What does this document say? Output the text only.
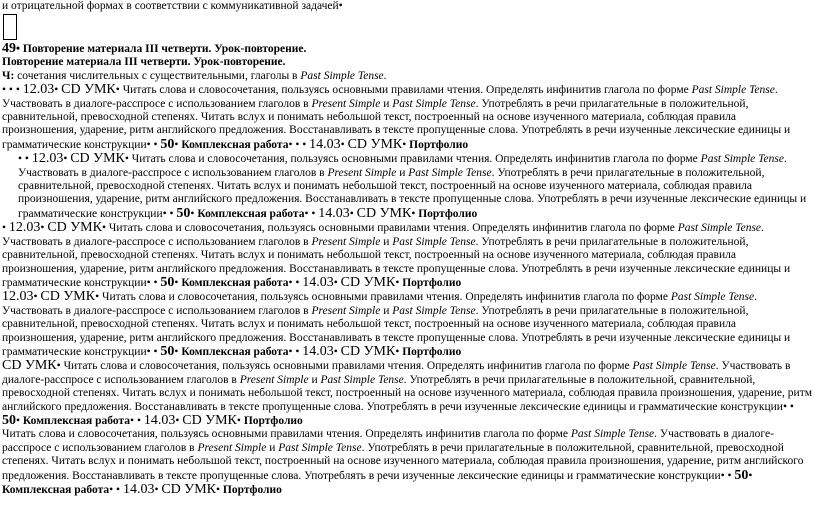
и отрицательной формах в соответствии с коммуникативной задачей•

49• Повторение материала III четверти. Урок-повторение.

Повторение материала III четверти. Урок-повторение.

Ч: сочетания числительных с существительными, глаголы в Past Simple Tense.

• • • 12.03• CD УМК• Читать слова и словосочетания, пользуясь основными правилами чтения. Определять инфинитив глагола по форме Past Simple Tense. Участвовать в диалоге-расспросе с использованием глаголов в Present Simple и Past Simple Tense. Употреблять в речи прилагательные в положительной, сравнительной, превосходной степенях. Читать вслух и понимать небольшой текст, построенный на основе изученного материала, соблюдая правила произношения, ударение, ритм английского предложения. Восстанавливать в тексте пропущенные слова. Употреблять в речи изученные лексические единицы и грамматические конструкции• • 50• Комплексная работа• • • 14.03• CD УМК• Портфолио

• • 12.03• CD УМК• Читать слова и словосочетания, пользуясь основными правилами чтения. Определять инфинитив глагола по форме Past Simple Tense. Участвовать в диалоге-расспросе с использованием глаголов в Present Simple и Past Simple Tense. Употреблять в речи прилагательные в положительной, сравнительной, превосходной степенях. Читать вслух и понимать небольшой текст, построенный на основе изученного материала, соблюдая правила произношения, ударение, ритм английского предложения. Восстанавливать в тексте пропущенные слова. Употреблять в речи изученные лексические единицы и грамматические конструкции• • 50• Комплексная работа• • 14.03• CD УМК• Портфолио

• 12.03• CD УМК• Читать слова и словосочетания, пользуясь основными правилами чтения. Определять инфинитив глагола по форме Past Simple Tense. Участвовать в диалоге-расспросе с использованием глаголов в Present Simple и Past Simple Tense. Употреблять в речи прилагательные в положительной, сравнительной, превосходной степенях. Читать вслух и понимать небольшой текст, построенный на основе изученного материала, соблюдая правила произношения, ударение, ритм английского предложения. Восстанавливать в тексте пропущенные слова. Употреблять в речи изученные лексические единицы и грамматические конструкции• • 50• Комплексная работа• • 14.03• CD УМК• Портфолио

12.03• CD УМК• Читать слова и словосочетания, пользуясь основными правилами чтения. Определять инфинитив глагола по форме Past Simple Tense. Участвовать в диалоге-расспросе с использованием глаголов в Present Simple и Past Simple Tense. Употреблять в речи прилагательные в положительной, сравнительной, превосходной степенях. Читать вслух и понимать небольшой текст, построенный на основе изученного материала, соблюдая правила произношения, ударение, ритм английского предложения. Восстанавливать в тексте пропущенные слова. Употреблять в речи изученные лексические единицы и грамматические конструкции• • 50• Комплексная работа• • 14.03• CD УМК• Портфолио

CD УМК• Читать слова и словосочетания, пользуясь основными правилами чтения. Определять инфинитив глагола по форме Past Simple Tense. Участвовать в диалоге-расспросе с использованием глаголов в Present Simple и Past Simple Tense. Употреблять в речи прилагательные в положительной, сравнительной, превосходной степенях. Читать вслух и понимать небольшой текст, построенный на основе изученного материала, соблюдая правила произношения, ударение, ритм английского предложения. Восстанавливать в тексте пропущенные слова. Употреблять в речи изученные лексические единицы и грамматические конструкции• • 50• Комплексная работа• • 14.03• CD УМК• Портфолио

Читать слова и словосочетания, пользуясь основными правилами чтения. Определять инфинитив глагола по форме Past Simple Tense. Участвовать в диалоге-расспросе с использованием глаголов в Present Simple и Past Simple Tense. Употреблять в речи прилагательные в положительной, сравнительной, превосходной степенях. Читать вслух и понимать небольшой текст, построенный на основе изученного материала, соблюдая правила произношения, ударение, ритм английского предложения. Восстанавливать в тексте пропущенные слова. Употреблять в речи изученные лексические единицы и грамматические конструкции• • 50• Комплексная работа• • 14.03• CD УМК• Портфолио
